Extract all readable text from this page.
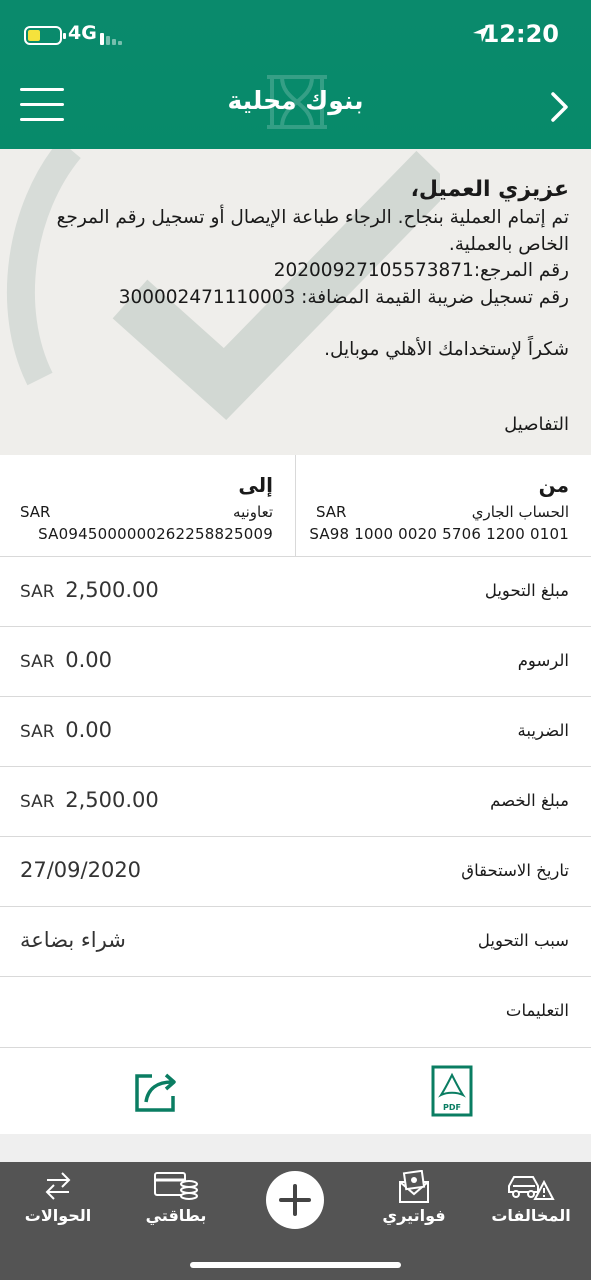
4G	12:20
بنوك محلية
عزيزي العميل،
تم إتمام العملية بنجاح. الرجاء طباعة الإيصال أو تسجيل رقم المرجع الخاص بالعملية.
رقم المرجع:20200927105573871
رقم تسجيل ضريبة القيمة المضافة: 300002471110003
شكراً لإستخدامك الأهلي موبايل.
التفاصيل
من
الحساب الجاري
SAR
SA98 1000 0020 5706 1200 0101
إلى
تعاونيه
SAR
SA0945000000262258825009
مبلغ التحويل
SAR 2,500.00
الرسوم
SAR 0.00
الضريبة
SAR 0.00
مبلغ الخصم
SAR 2,500.00
تاريخ الاستحقاق
27/09/2020
سبب التحويل
شراء بضاعة
التعليمات
PDF
الحوالات	بطاقتي	فواتيري	المخالفات
